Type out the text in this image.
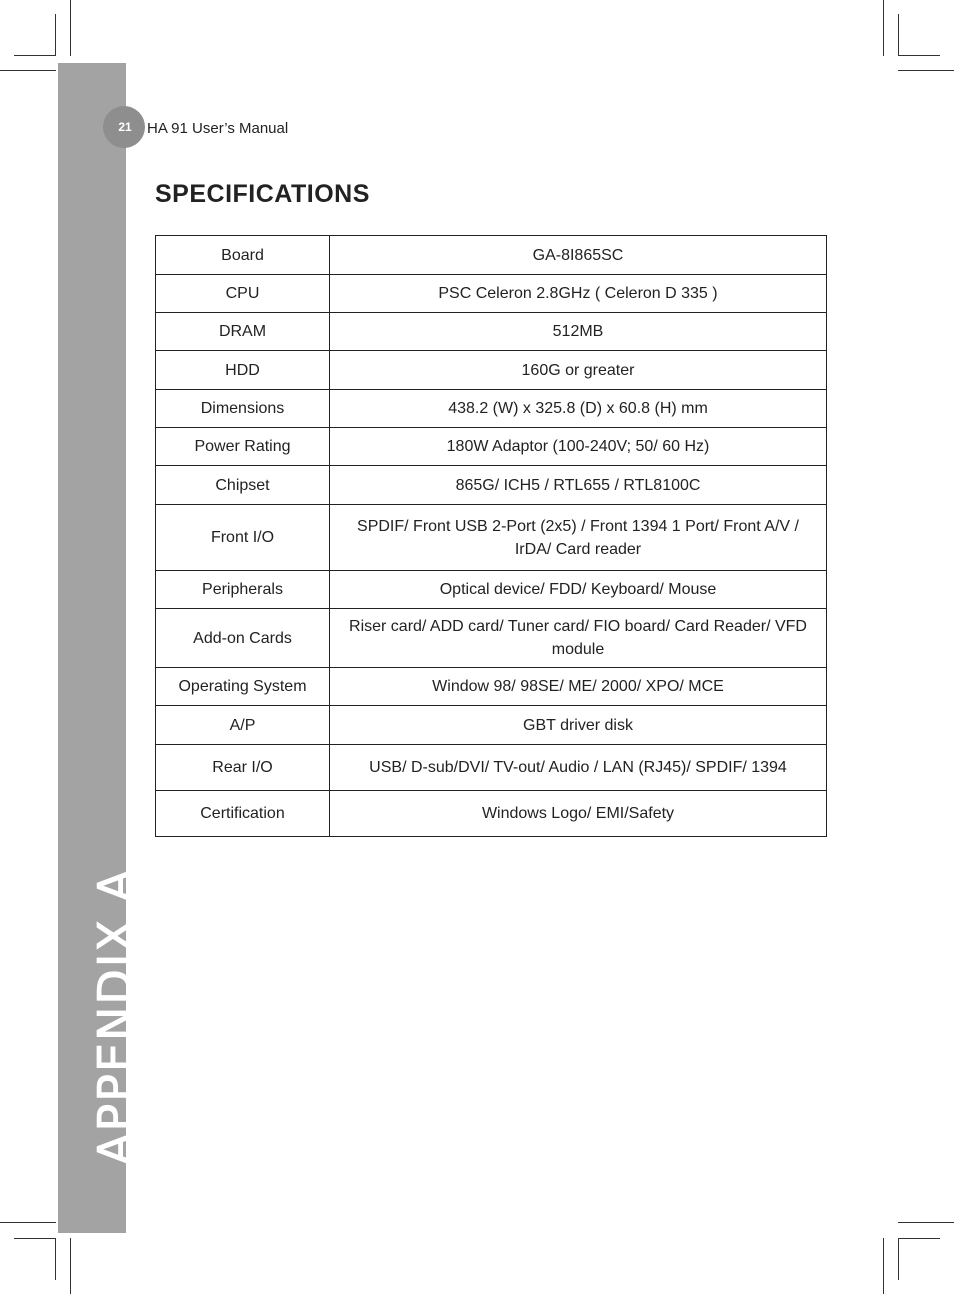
APPENDIX A
21	HA 91 User’s Manual
SPECIFICATIONS
Board	GA-8I865SC
CPU	PSC Celeron 2.8GHz ( Celeron D 335 )
DRAM	512MB
HDD	160G or greater
Dimensions	438.2 (W) x 325.8 (D) x 60.8 (H) mm
Power Rating	180W Adaptor (100-240V; 50/ 60 Hz)
Chipset	865G/ ICH5 / RTL655 / RTL8100C
Front I/O	SPDIF/ Front USB 2-Port (2x5) / Front 1394 1 Port/ Front A/V / IrDA/ Card reader
Peripherals	Optical device/ FDD/ Keyboard/ Mouse
Add-on Cards	Riser card/ ADD card/ Tuner card/ FIO board/ Card Reader/ VFD module
Operating System	Window 98/ 98SE/ ME/ 2000/ XPO/ MCE
A/P	GBT driver disk
Rear I/O	USB/ D-sub/DVI/ TV-out/ Audio / LAN (RJ45)/ SPDIF/ 1394
Certification	Windows Logo/ EMI/Safety
